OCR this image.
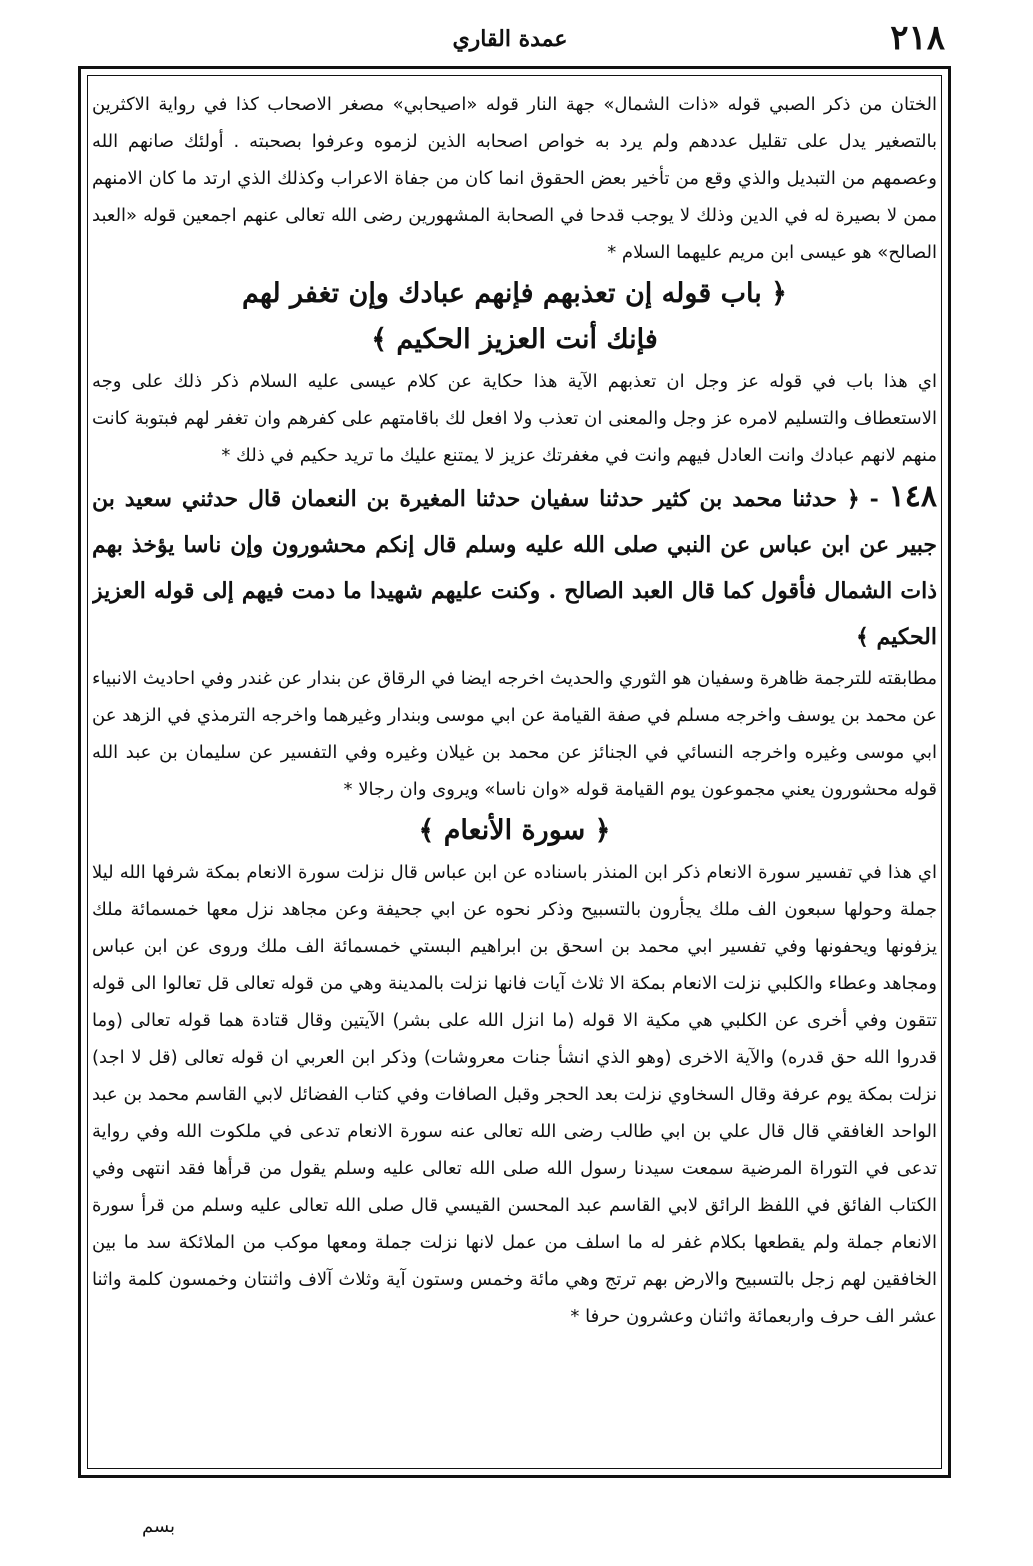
٢١٨
عمدة القاري

الختان من ذكر الصبي قوله «ذات الشمال» جهة النار قوله «اصيحابي» مصغر الاصحاب كذا في رواية الاكثرين بالتصغير يدل على تقليل عددهم ولم يرد به خواص اصحابه الذين لزموه وعرفوا بصحبته . أولئك صانهم الله وعصمهم من التبديل والذي وقع من تأخير بعض الحقوق انما كان من جفاة الاعراب وكذلك الذي ارتد ما كان الامنهم ممن لا بصيرة له في الدين وذلك لا يوجب قدحا في الصحابة المشهورين رضى الله تعالى عنهم اجمعين قوله «العبد الصالح» هو عيسى ابن مريم عليهما السلام *

﴿ باب قوله إن تعذبهم فإنهم عبادك وإن تغفر لهم

فإنك أنت العزيز الحكيم ﴾

اي هذا باب في قوله عز وجل ان تعذبهم الآية هذا حكاية عن كلام عيسى عليه السلام ذكر ذلك على وجه الاستعطاف والتسليم لامره عز وجل والمعنى ان تعذب ولا افعل لك باقامتهم على كفرهم وان تغفر لهم فبتوبة كانت منهم لانهم عبادك وانت العادل فيهم وانت في مغفرتك عزيز لا يمتنع عليك ما تريد حكيم في ذلك *

١٤٨ - ﴿ حدثنا محمد بن كثير حدثنا سفيان حدثنا المغيرة بن النعمان قال حدثني سعيد بن جبير عن ابن عباس عن النبي صلى الله عليه وسلم قال إنكم محشورون وإن ناسا يؤخذ بهم ذات الشمال فأقول كما قال العبد الصالح . وكنت عليهم شهيدا ما دمت فيهم إلى قوله العزيز الحكيم ﴾

مطابقته للترجمة ظاهرة وسفيان هو الثوري والحديث اخرجه ايضا في الرقاق عن بندار عن غندر وفي احاديث الانبياء عن محمد بن يوسف واخرجه مسلم في صفة القيامة عن ابي موسى وبندار وغيرهما واخرجه الترمذي في الزهد عن ابي موسى وغيره واخرجه النسائي في الجنائز عن محمد بن غيلان وغيره وفي التفسير عن سليمان بن عبد الله قوله محشورون يعني مجموعون يوم القيامة قوله «وان ناسا» ويروى وان رجالا *

﴿ سورة الأنعام ﴾

اي هذا في تفسير سورة الانعام ذكر ابن المنذر باسناده عن ابن عباس قال نزلت سورة الانعام بمكة شرفها الله ليلا جملة وحولها سبعون الف ملك يجأرون بالتسبيح وذكر نحوه عن ابي جحيفة وعن مجاهد نزل معها خمسمائة ملك يزفونها ويحفونها وفي تفسير ابي محمد بن اسحق بن ابراهيم البستي خمسمائة الف ملك وروى عن ابن عباس ومجاهد وعطاء والكلبي نزلت الانعام بمكة الا ثلاث آيات فانها نزلت بالمدينة وهي من قوله تعالى قل تعالوا الى قوله تتقون وفي أخرى عن الكلبي هي مكية الا قوله (ما انزل الله على بشر) الآيتين وقال قتادة هما قوله تعالى (وما قدروا الله حق قدره) والآية الاخرى (وهو الذي انشأ جنات معروشات) وذكر ابن العربي ان قوله تعالى (قل لا اجد) نزلت بمكة يوم عرفة وقال السخاوي نزلت بعد الحجر وقبل الصافات وفي كتاب الفضائل لابي القاسم محمد بن عبد الواحد الغافقي قال قال علي بن ابي طالب رضى الله تعالى عنه سورة الانعام تدعى في ملكوت الله وفي رواية تدعى في التوراة المرضية سمعت سيدنا رسول الله صلى الله تعالى عليه وسلم يقول من قرأها فقد انتهى وفي الكتاب الفائق في اللفظ الرائق لابي القاسم عبد المحسن القيسي قال صلى الله تعالى عليه وسلم من قرأ سورة الانعام جملة ولم يقطعها بكلام غفر له ما اسلف من عمل لانها نزلت جملة ومعها موكب من الملائكة سد ما بين الخافقين لهم زجل بالتسبيح والارض بهم ترتج وهي مائة وخمس وستون آية وثلاث آلاف واثنتان وخمسون كلمة واثنا عشر الف حرف واربعمائة واثنان وعشرون حرفا *

بسم
